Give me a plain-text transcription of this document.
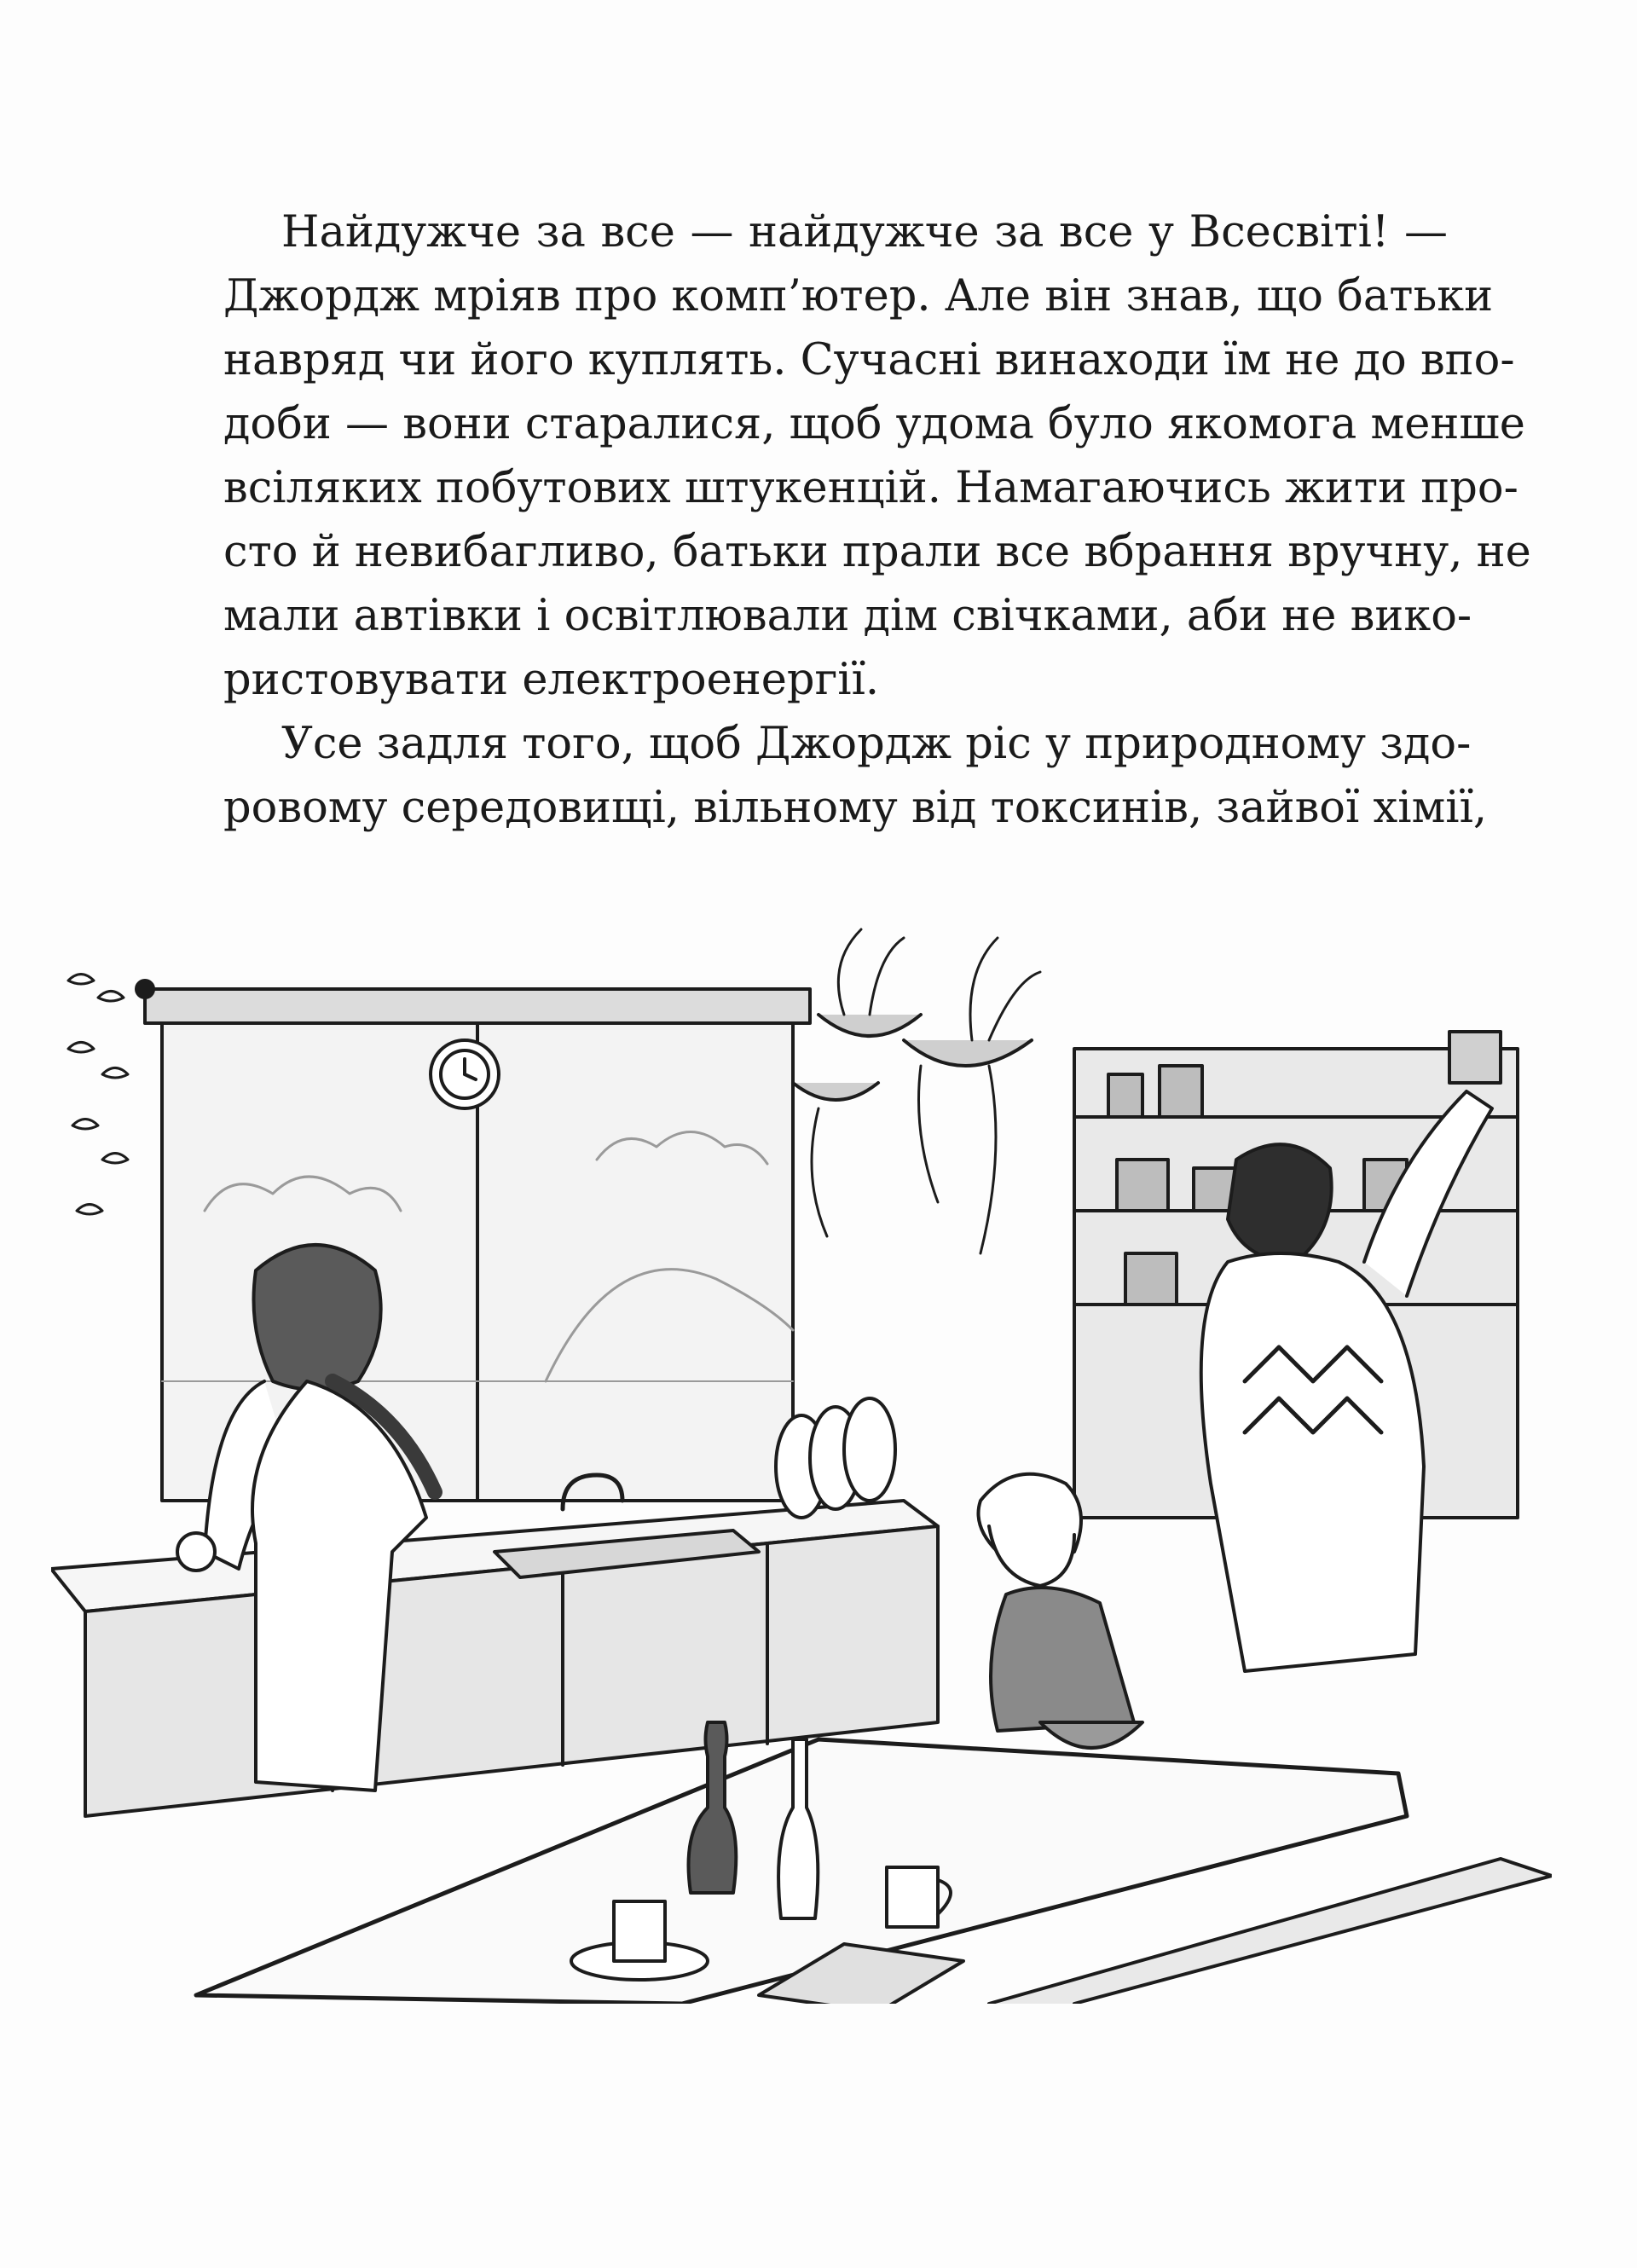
Найдужче за все — найдужче за все у Всесвіті! —
Джордж мріяв про комп’ютер. Але він знав, що батьки
навряд чи його куплять. Сучасні винаходи їм не до впо-
доби — вони старалися, щоб удома було якомога менше
всіляких побутових штукенцій. Намагаючись жити про-
сто й невибагливо, батьки прали все вбрання вручну, не
мали автівки і освітлювали дім свічками, аби не вико-
ристовувати електроенергії.
Усе задля того, щоб Джордж ріс у природному здо-
ровому середовищі, вільному від токсинів, зайвої хімії,
